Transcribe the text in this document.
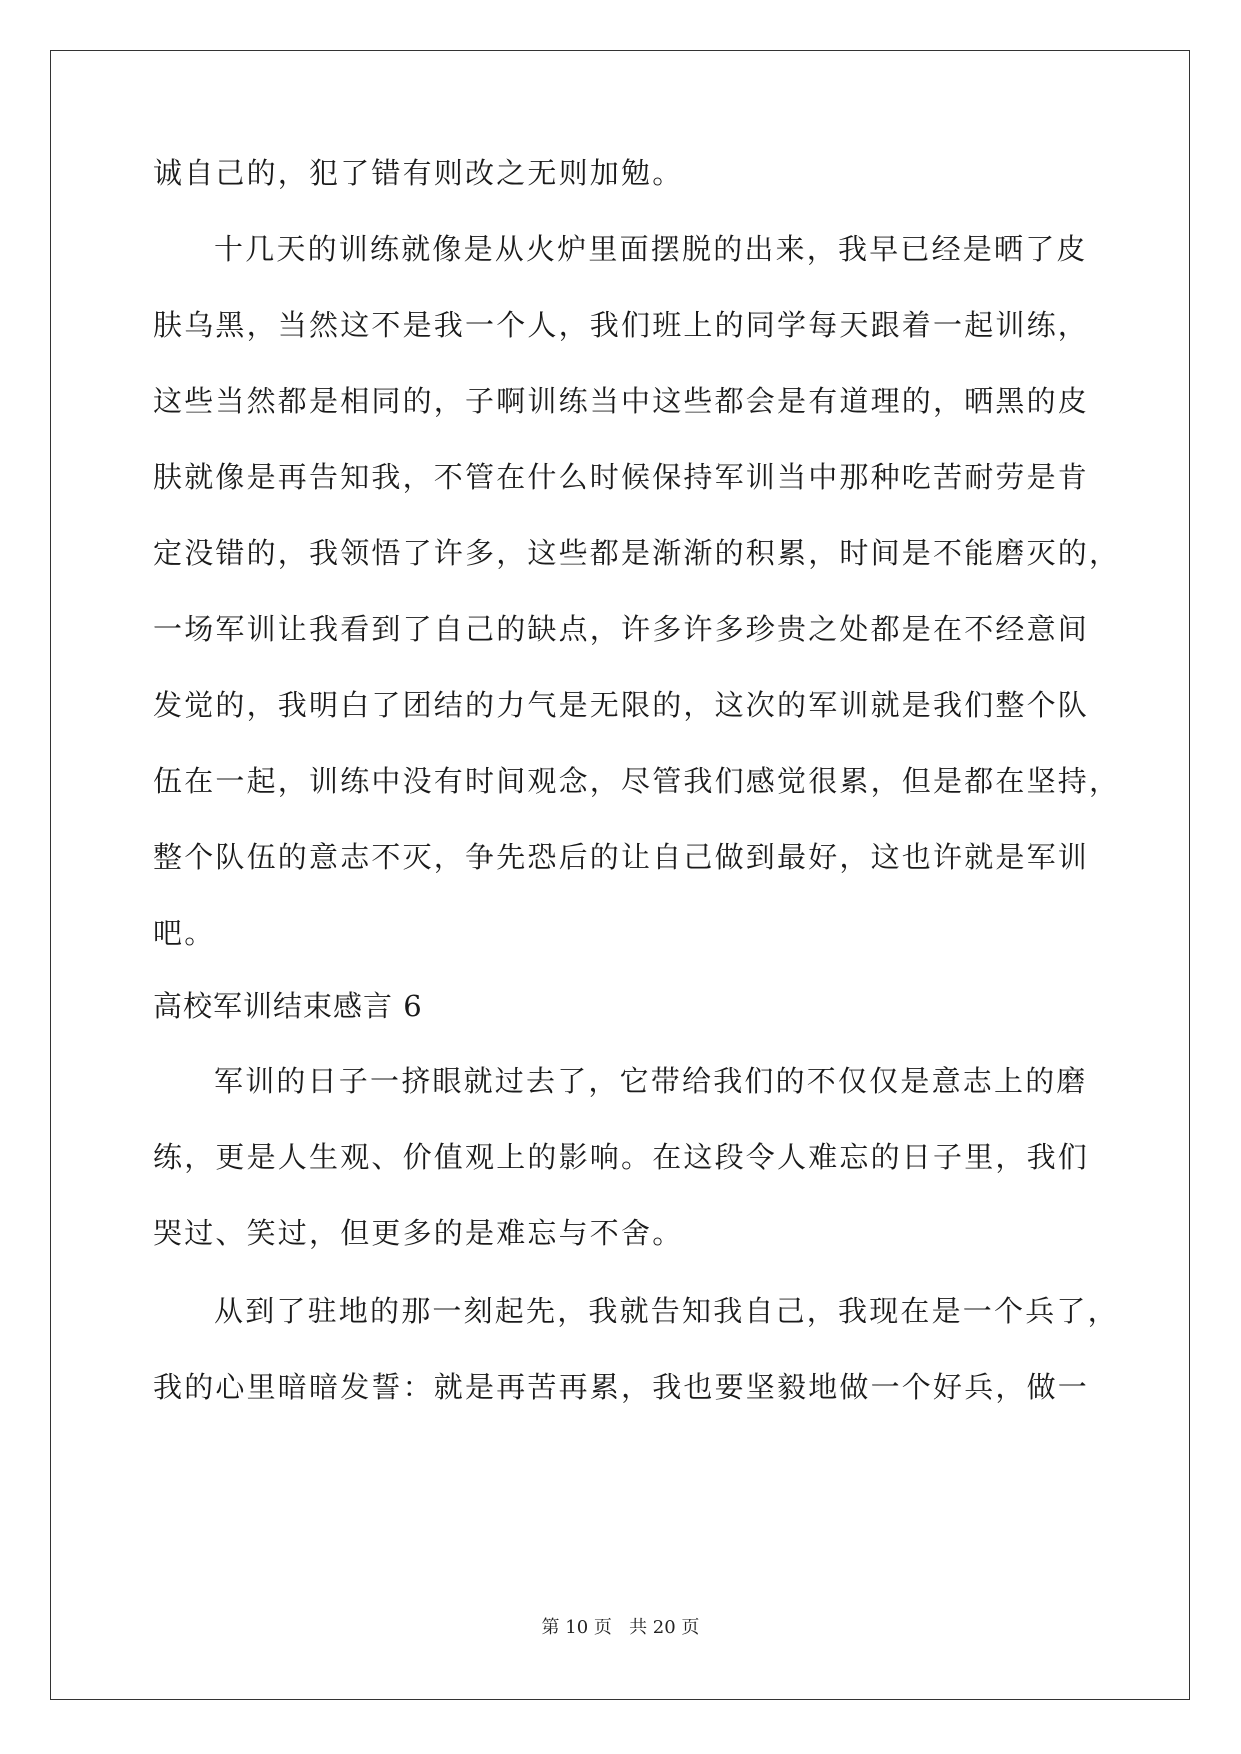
诚自己的，犯了错有则改之无则加勉。
十几天的训练就像是从火炉里面摆脱的出来，我早已经是晒了皮
肤乌黑，当然这不是我一个人，我们班上的同学每天跟着一起训练，
这些当然都是相同的，子啊训练当中这些都会是有道理的，晒黑的皮
肤就像是再告知我，不管在什么时候保持军训当中那种吃苦耐劳是肯
定没错的，我领悟了许多，这些都是渐渐的积累，时间是不能磨灭的，
一场军训让我看到了自己的缺点，许多许多珍贵之处都是在不经意间
发觉的，我明白了团结的力气是无限的，这次的军训就是我们整个队
伍在一起，训练中没有时间观念，尽管我们感觉很累，但是都在坚持，
整个队伍的意志不灭，争先恐后的让自己做到最好，这也许就是军训
吧。
高校军训结束感言 6
军训的日子一挤眼就过去了，它带给我们的不仅仅是意志上的磨
练，更是人生观、价值观上的影响。在这段令人难忘的日子里，我们
哭过、笑过，但更多的是难忘与不舍。
从到了驻地的那一刻起先，我就告知我自己，我现在是一个兵了，
我的心里暗暗发誓：就是再苦再累，我也要坚毅地做一个好兵，做一
第 10 页 共 20 页
